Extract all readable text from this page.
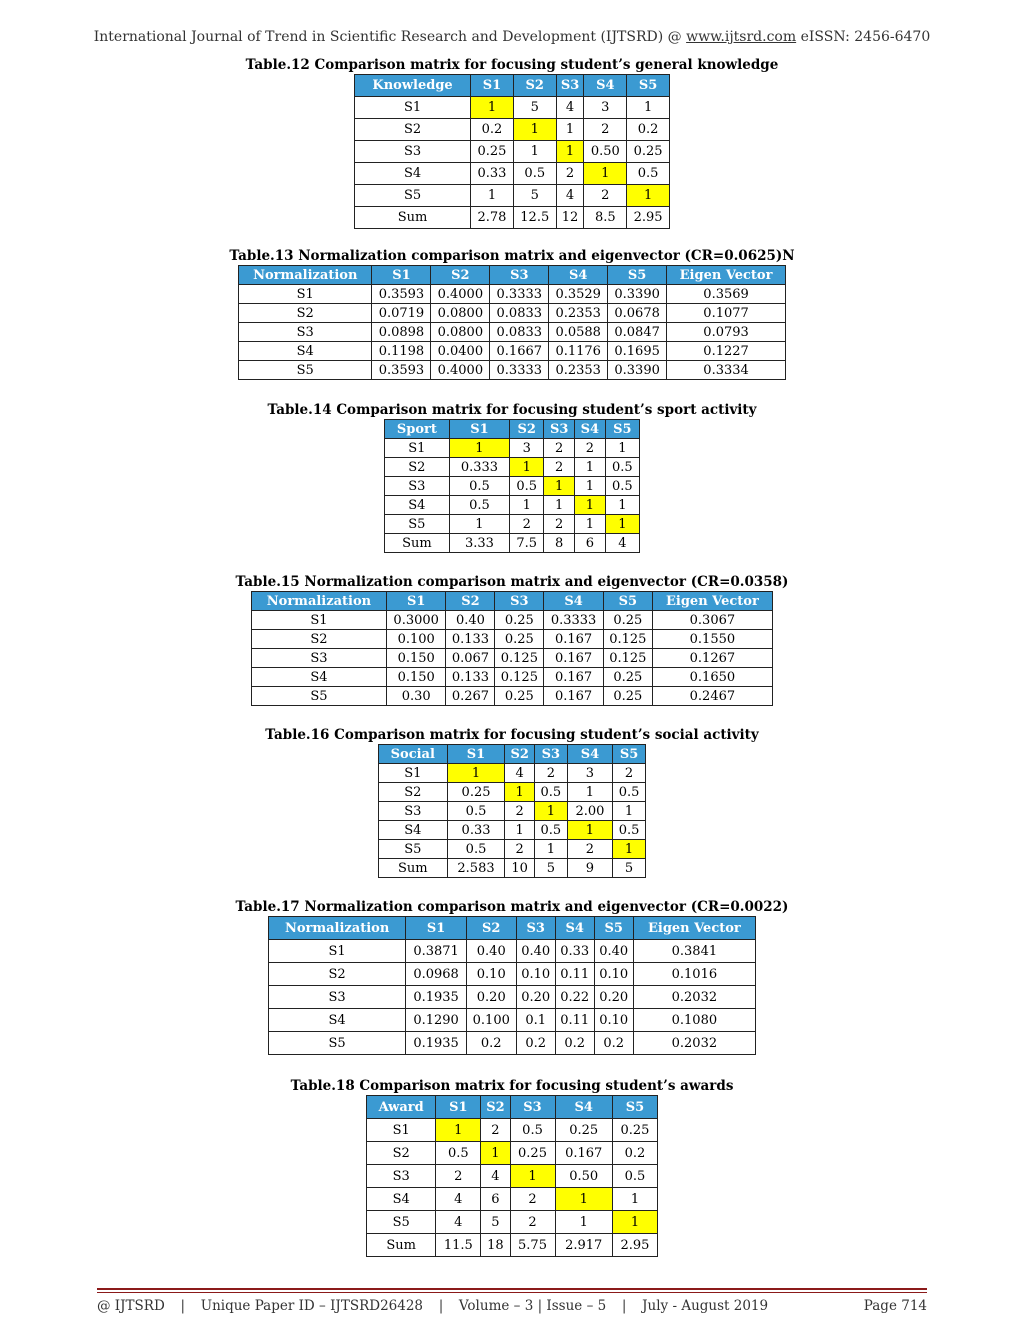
International Journal of Trend in Scientific Research and Development (IJTSRD) @ www.ijtsrd.com eISSN: 2456-6470
Table.12 Comparison matrix for focusing student’s general knowledge
Knowledge	S1	S2	S3	S4	S5
S1	1	5	4	3	1
S2	0.2	1	1	2	0.2
S3	0.25	1	1	0.50	0.25
S4	0.33	0.5	2	1	0.5
S5	1	5	4	2	1
Sum	2.78	12.5	12	8.5	2.95
Table.13 Normalization comparison matrix and eigenvector (CR=0.0625)N
Normalization	S1	S2	S3	S4	S5	Eigen Vector
S1	0.3593	0.4000	0.3333	0.3529	0.3390	0.3569
S2	0.0719	0.0800	0.0833	0.2353	0.0678	0.1077
S3	0.0898	0.0800	0.0833	0.0588	0.0847	0.0793
S4	0.1198	0.0400	0.1667	0.1176	0.1695	0.1227
S5	0.3593	0.4000	0.3333	0.2353	0.3390	0.3334
Table.14 Comparison matrix for focusing student’s sport activity
Sport	S1	S2	S3	S4	S5
S1	1	3	2	2	1
S2	0.333	1	2	1	0.5
S3	0.5	0.5	1	1	0.5
S4	0.5	1	1	1	1
S5	1	2	2	1	1
Sum	3.33	7.5	8	6	4
Table.15 Normalization comparison matrix and eigenvector (CR=0.0358)
Normalization	S1	S2	S3	S4	S5	Eigen Vector
S1	0.3000	0.40	0.25	0.3333	0.25	0.3067
S2	0.100	0.133	0.25	0.167	0.125	0.1550
S3	0.150	0.067	0.125	0.167	0.125	0.1267
S4	0.150	0.133	0.125	0.167	0.25	0.1650
S5	0.30	0.267	0.25	0.167	0.25	0.2467
Table.16 Comparison matrix for focusing student’s social activity
Social	S1	S2	S3	S4	S5
S1	1	4	2	3	2
S2	0.25	1	0.5	1	0.5
S3	0.5	2	1	2.00	1
S4	0.33	1	0.5	1	0.5
S5	0.5	2	1	2	1
Sum	2.583	10	5	9	5
Table.17 Normalization comparison matrix and eigenvector (CR=0.0022)
Normalization	S1	S2	S3	S4	S5	Eigen Vector
S1	0.3871	0.40	0.40	0.33	0.40	0.3841
S2	0.0968	0.10	0.10	0.11	0.10	0.1016
S3	0.1935	0.20	0.20	0.22	0.20	0.2032
S4	0.1290	0.100	0.1	0.11	0.10	0.1080
S5	0.1935	0.2	0.2	0.2	0.2	0.2032
Table.18 Comparison matrix for focusing student’s awards
Award	S1	S2	S3	S4	S5
S1	1	2	0.5	0.25	0.25
S2	0.5	1	0.25	0.167	0.2
S3	2	4	1	0.50	0.5
S4	4	6	2	1	1
S5	4	5	2	1	1
Sum	11.5	18	5.75	2.917	2.95
@ IJTSRD | Unique Paper ID – IJTSRD26428 | Volume – 3 | Issue – 5 | July - August 2019	Page 714
